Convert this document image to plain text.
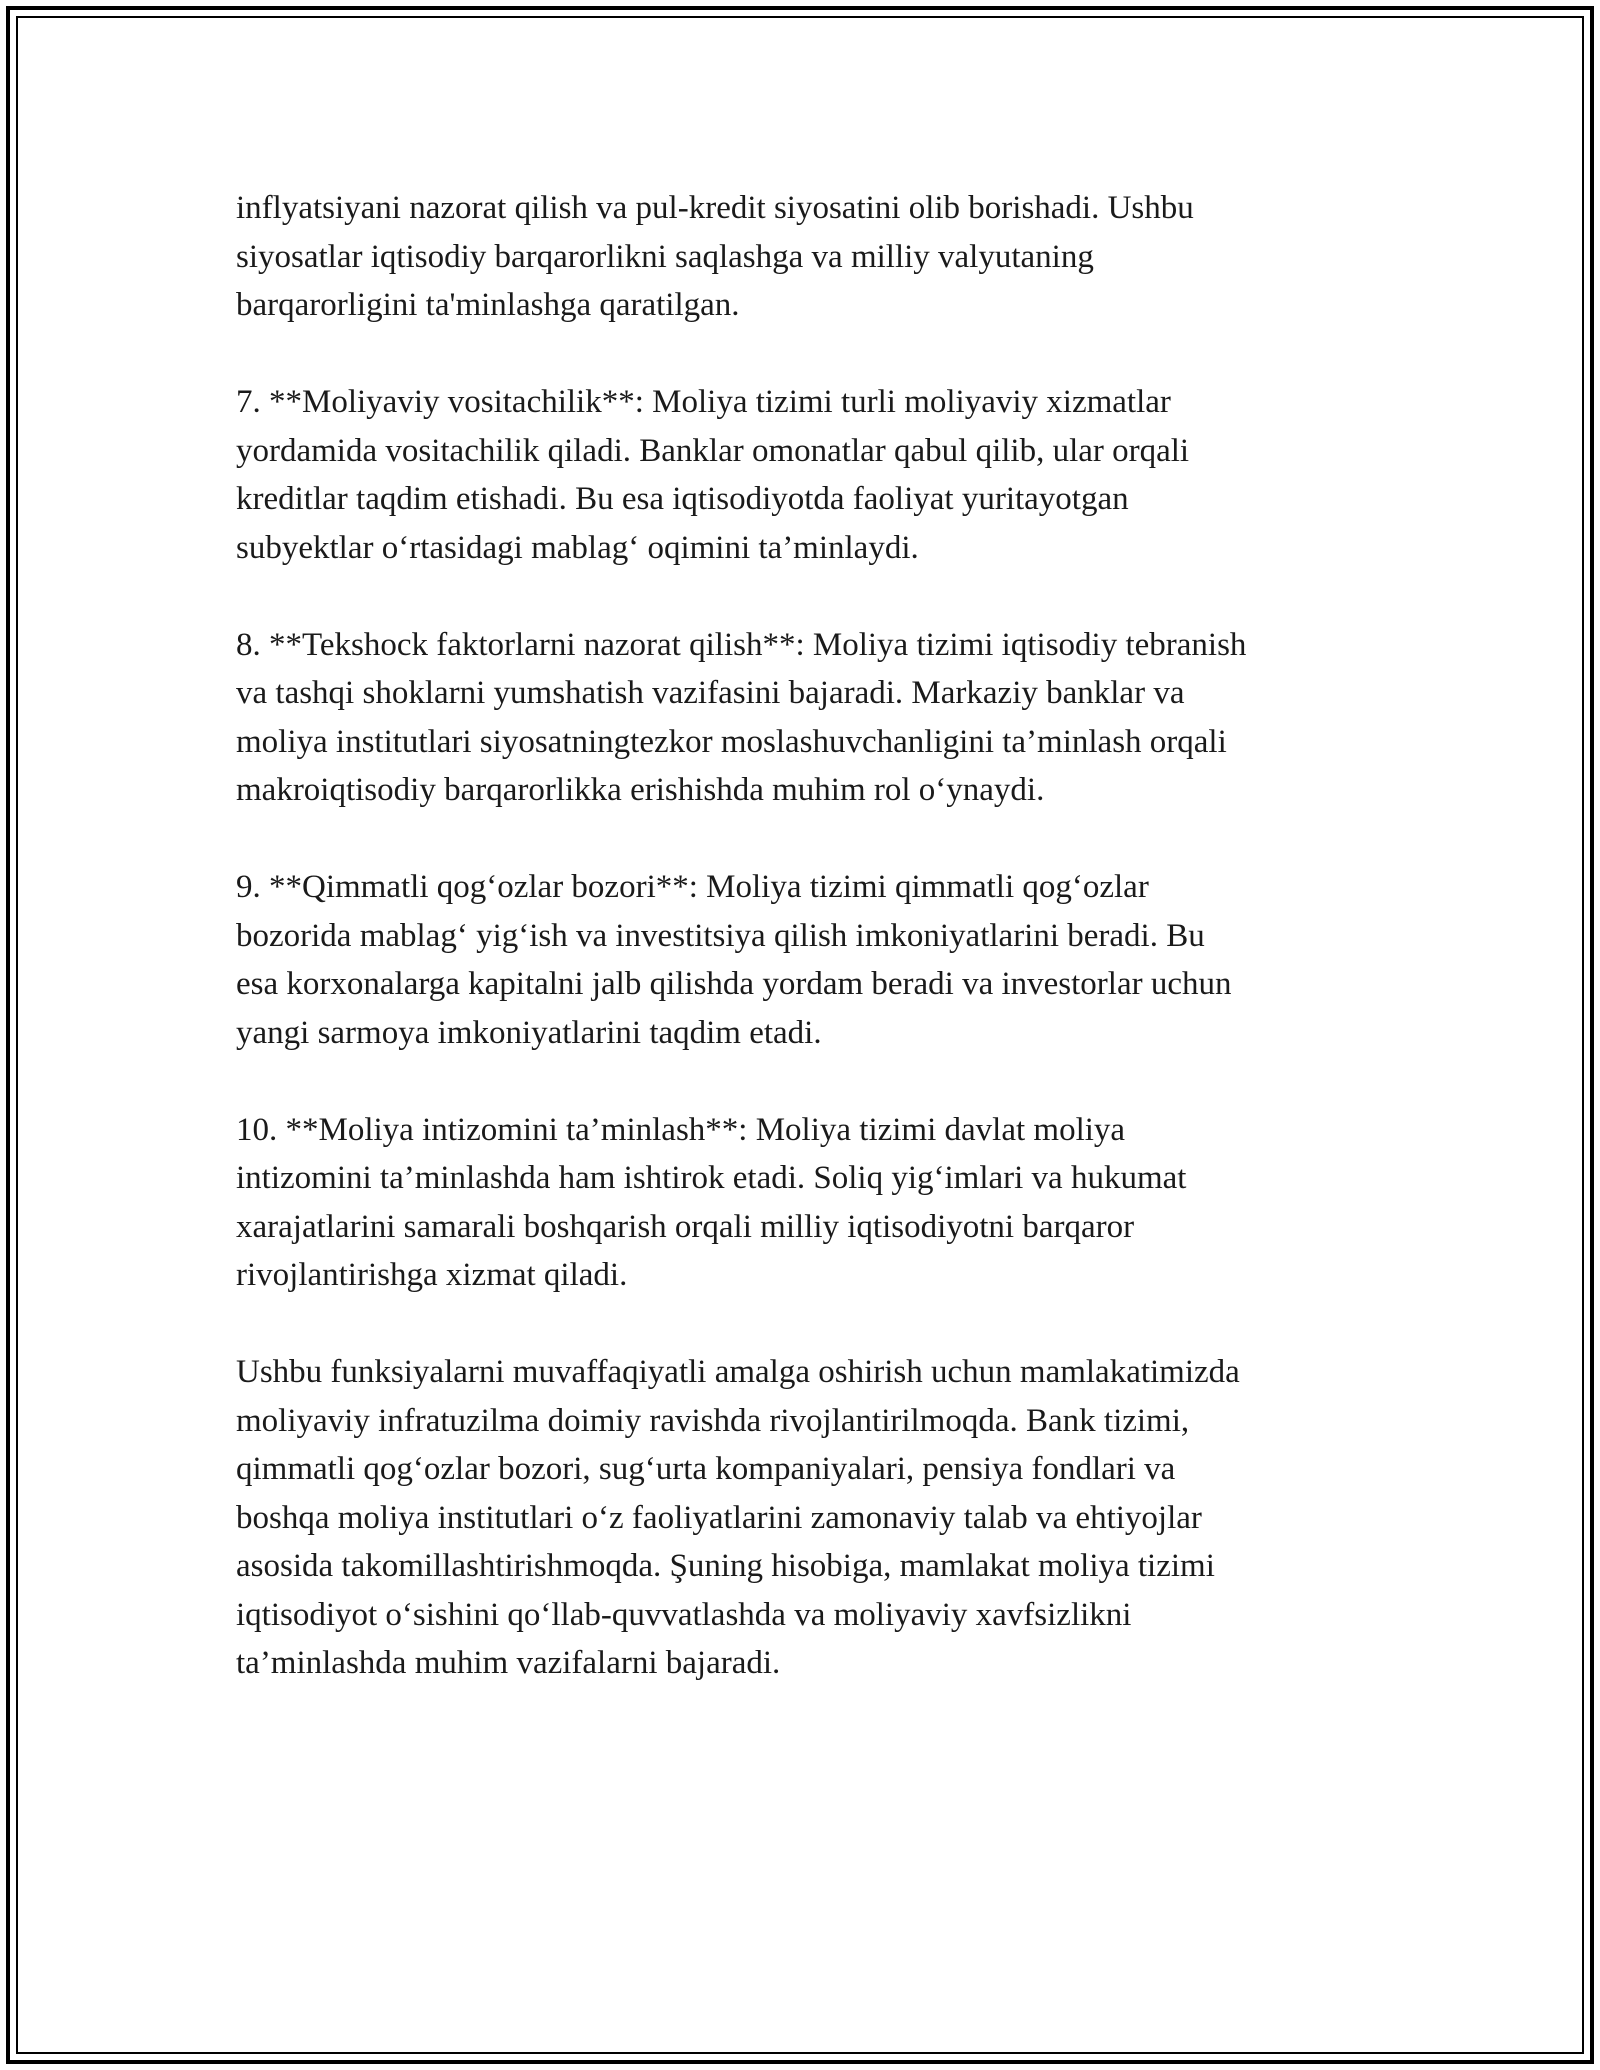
inflyatsiyani nazorat qilish va pul-kredit siyosatini olib borishadi. Ushbu
siyosatlar iqtisodiy barqarorlikni saqlashga va milliy valyutaning
barqarorligini ta'minlashga qaratilgan.

7. **Moliyaviy vositachilik**: Moliya tizimi turli moliyaviy xizmatlar
yordamida vositachilik qiladi. Banklar omonatlar qabul qilib, ular orqali
kreditlar taqdim etishadi. Bu esa iqtisodiyotda faoliyat yuritayotgan
subyektlar o‘rtasidagi mablag‘ oqimini ta’minlaydi.

8. **Tekshock faktorlarni nazorat qilish**: Moliya tizimi iqtisodiy tebranish
va tashqi shoklarni yumshatish vazifasini bajaradi. Markaziy banklar va
moliya institutlari siyosatningtezkor moslashuvchanligini ta’minlash orqali
makroiqtisodiy barqarorlikka erishishda muhim rol o‘ynaydi.

9. **Qimmatli qog‘ozlar bozori**: Moliya tizimi qimmatli qog‘ozlar
bozorida mablag‘ yig‘ish va investitsiya qilish imkoniyatlarini beradi. Bu
esa korxonalarga kapitalni jalb qilishda yordam beradi va investorlar uchun
yangi sarmoya imkoniyatlarini taqdim etadi.

10. **Moliya intizomini ta’minlash**: Moliya tizimi davlat moliya
intizomini ta’minlashda ham ishtirok etadi. Soliq yig‘imlari va hukumat
xarajatlarini samarali boshqarish orqali milliy iqtisodiyotni barqaror
rivojlantirishga xizmat qiladi.

Ushbu funksiyalarni muvaffaqiyatli amalga oshirish uchun mamlakatimizda
moliyaviy infratuzilma doimiy ravishda rivojlantirilmoqda. Bank tizimi,
qimmatli qog‘ozlar bozori, sug‘urta kompaniyalari, pensiya fondlari va
boshqa moliya institutlari o‘z faoliyatlarini zamonaviy talab va ehtiyojlar
asosida takomillashtirishmoqda. Şuning hisobiga, mamlakat moliya tizimi
iqtisodiyot o‘sishini qo‘llab-quvvatlashda va moliyaviy xavfsizlikni
ta’minlashda muhim vazifalarni bajaradi.
